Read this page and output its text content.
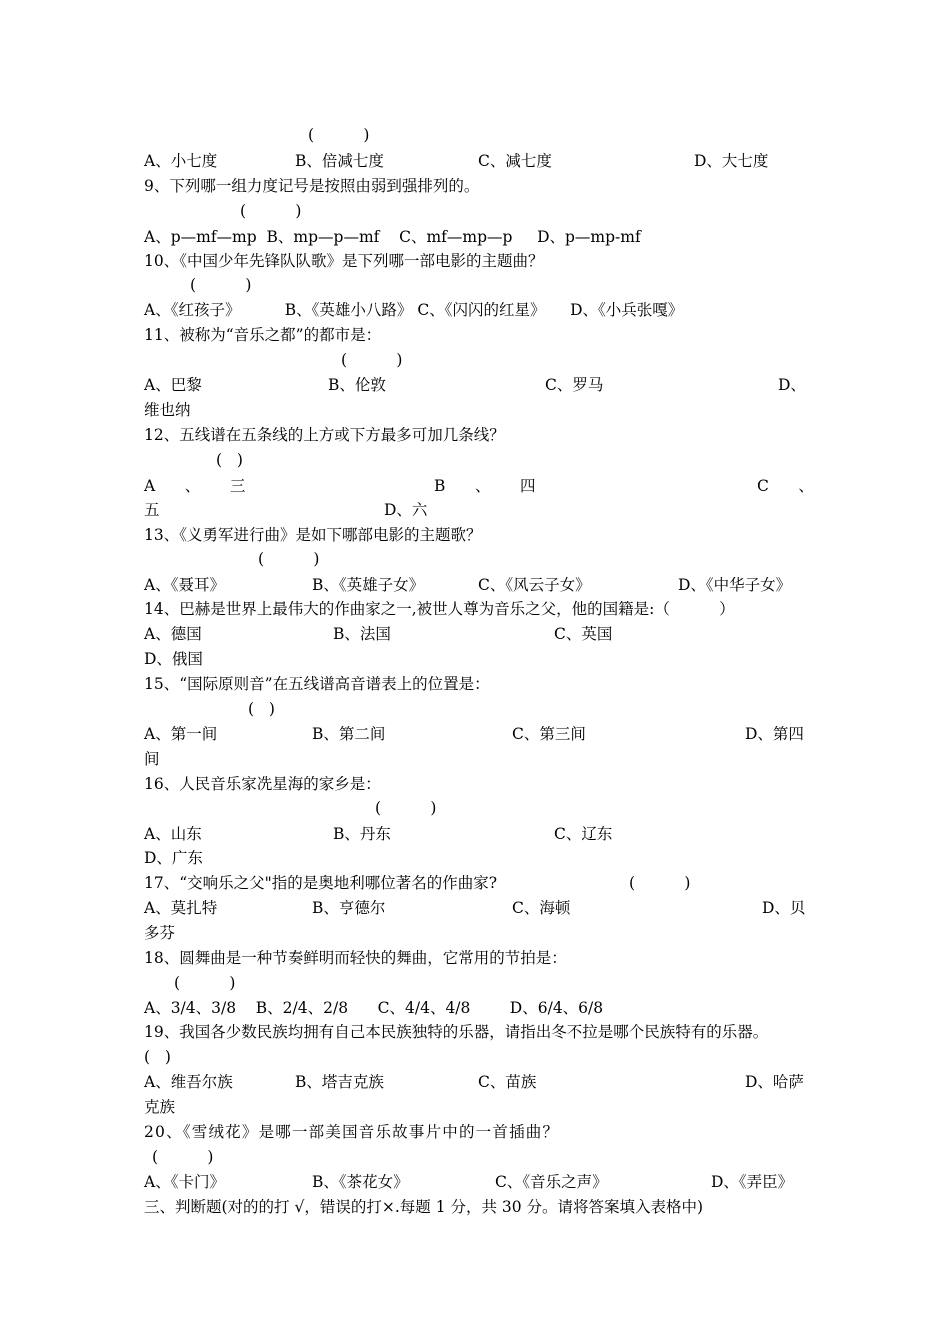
(          )
A、小七度	B、倍减七度	C、减七度	D、大七度
9、下列哪一组力度记号是按照由弱到强排列的。
(          )
A、p—mf—mp  B、mp—p—mf    C、mf—mp—p     D、p—mp-mf
10、《中国少年先锋队队歌》是下列哪一部电影的主题曲？
(          )
A、《红孩子》         B、《英雄小八路》 C、《闪闪的红星》     D、《小兵张嘎》
11、被称为“音乐之都”的都市是：
(          )
A、巴黎	B、伦敦	C、罗马	D、
维也纳
12、五线谱在五条线的上方或下方最多可加几条线？
(   )
A      、      三	B      、      四	C      、
五	D、六
13、《义勇军进行曲》是如下哪部电影的主题歌？
(          )
A、《聂耳》	B、《英雄子女》	C、《风云子女》	D、《中华子女》
14、巴赫是世界上最伟大的作曲家之一,被世人尊为音乐之父，他的国籍是:（          ）
A、德国	B、法国	C、英国
D、俄国
15、“国际原则音”在五线谱高音谱表上的位置是：
(   )
A、第一间	B、第二间	C、第三间	D、第四
间
16、人民音乐家冼星海的家乡是：
(          )
A、山东	B、丹东	C、辽东
D、广东
17、“交响乐之父"指的是奥地利哪位著名的作曲家?	(          )
A、莫扎特	B、亨德尔	C、海顿	D、贝
多芬
18、圆舞曲是一种节奏鲜明而轻快的舞曲，它常用的节拍是：
(          )
A、3/4、3/8    B、2/4、2/8      C、4/4、4/8        D、6/4、6/8
19、我国各少数民族均拥有自己本民族独特的乐器，请指出冬不拉是哪个民族特有的乐器。
(   )
A、维吾尔族	B、塔吉克族	C、苗族	D、哈萨
克族
20、《雪绒花》是哪一部美国音乐故事片中的一首插曲？
(          )
A、《卡门》	B、《茶花女》	C、《音乐之声》	D、《弄臣》
三、判断题(对的的打 √，错误的打×.每题 1 分，共 30 分。请将答案填入表格中)
